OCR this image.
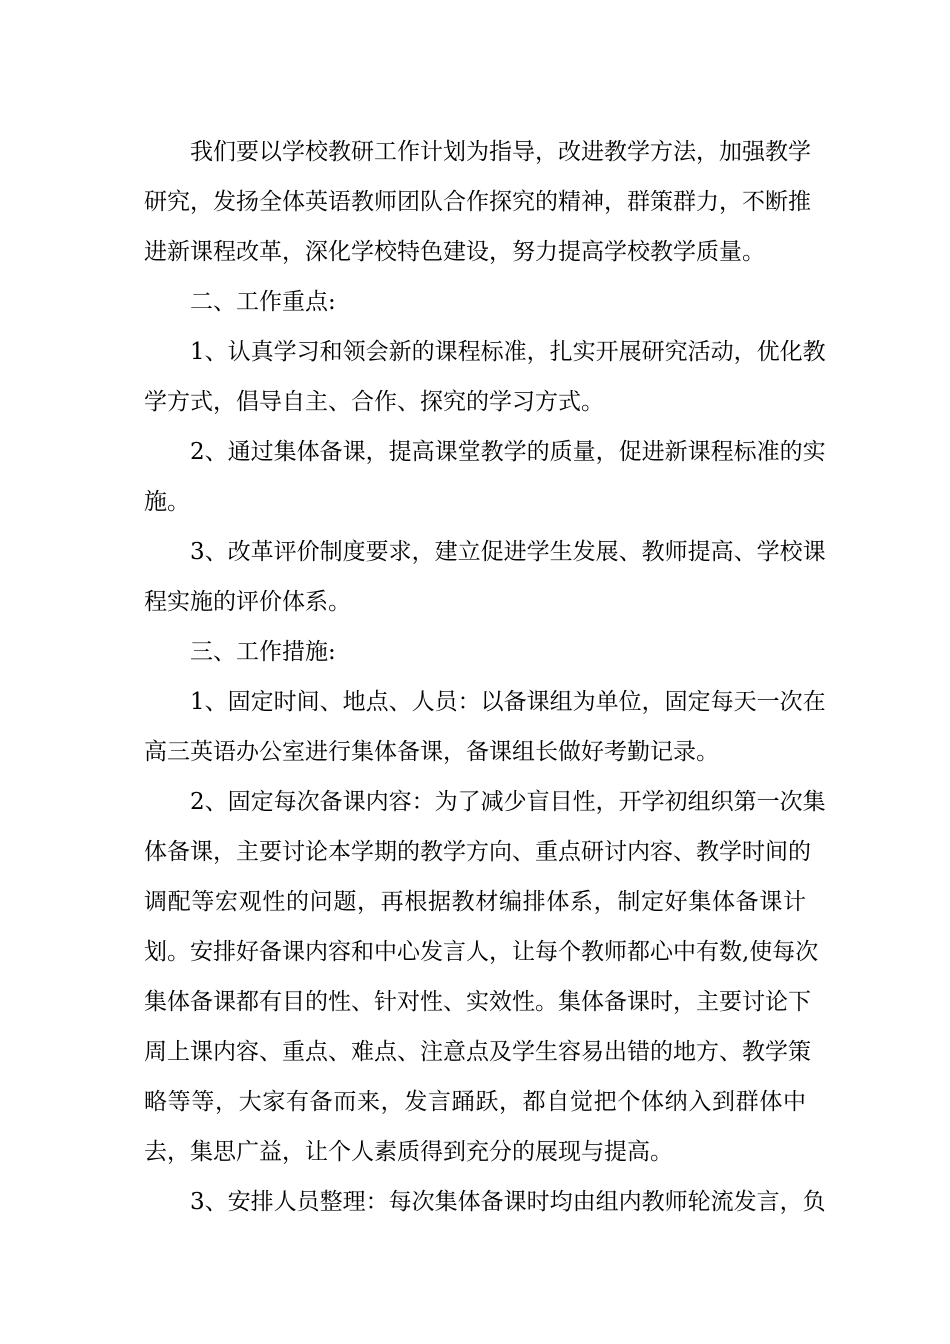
我们要以学校教研工作计划为指导，改进教学方法，加强教学
研究，发扬全体英语教师团队合作探究的精神，群策群力，不断推
进新课程改革，深化学校特色建设，努力提高学校教学质量。
二、工作重点:
1、认真学习和领会新的课程标准，扎实开展研究活动，优化教
学方式，倡导自主、合作、探究的学习方式。
2、通过集体备课，提高课堂教学的质量，促进新课程标准的实
施。
3、改革评价制度要求，建立促进学生发展、教师提高、学校课
程实施的评价体系。
三、工作措施:
1、固定时间、地点、人员：以备课组为单位，固定每天一次在
高三英语办公室进行集体备课，备课组长做好考勤记录。
2、固定每次备课内容：为了减少盲目性，开学初组织第一次集
体备课，主要讨论本学期的教学方向、重点研讨内容、教学时间的
调配等宏观性的问题，再根据教材编排体系，制定好集体备课计
划。安排好备课内容和中心发言人，让每个教师都心中有数,使每次
集体备课都有目的性、针对性、实效性。集体备课时，主要讨论下
周上课内容、重点、难点、注意点及学生容易出错的地方、教学策
略等等，大家有备而来，发言踊跃，都自觉把个体纳入到群体中
去，集思广益，让个人素质得到充分的展现与提高。
3、安排人员整理：每次集体备课时均由组内教师轮流发言，负
